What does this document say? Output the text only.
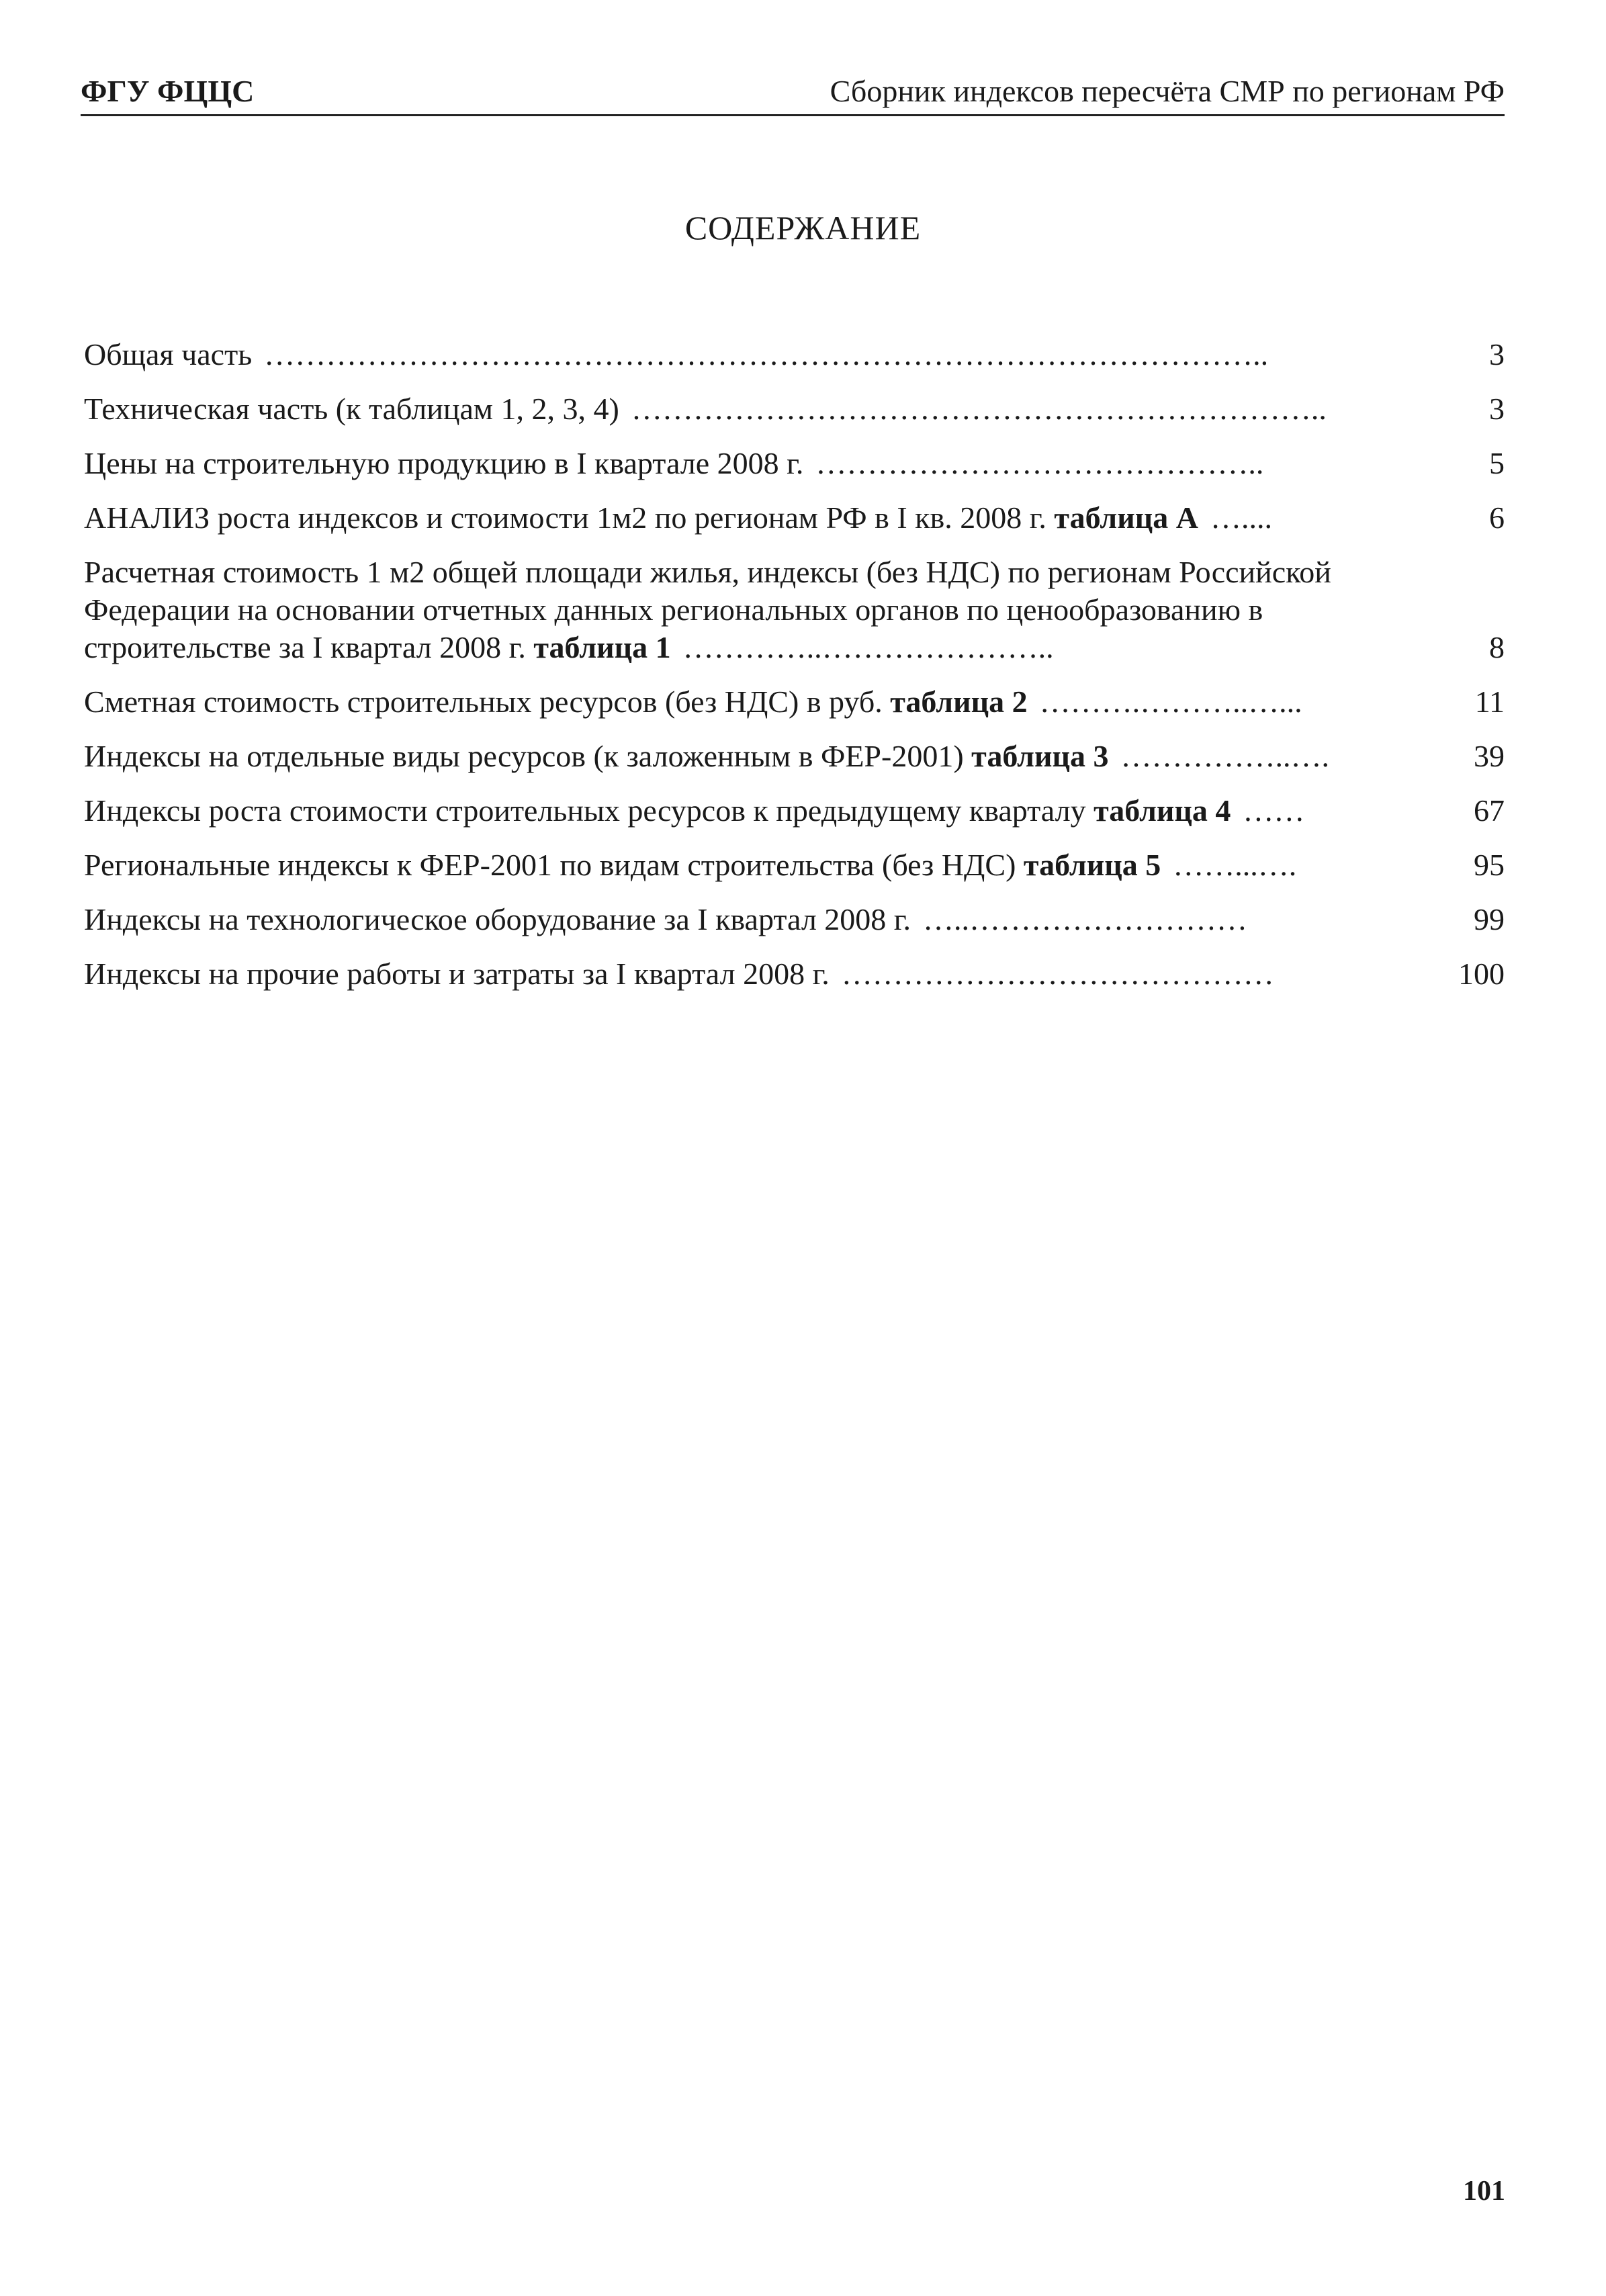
ФГУ ФЦЦС	Сборник индексов пересчёта СМР по регионам РФ
СОДЕРЖАНИЕ
Общая часть ……………………………………………………………………………………..	3
Техническая часть (к таблицам 1, 2, 3, 4) …………………………………………………………..	3
Цены на строительную продукцию в I квартале 2008 г. ……………………………………..	5
АНАЛИЗ роста индексов и стоимости 1м2 по регионам РФ в I кв. 2008 г. таблица А …....	6
Расчетная стоимость 1 м2 общей площади жилья, индексы (без НДС) по регионам Российской Федерации на основании отчетных данных региональных органов по ценообразованию в строительстве за I квартал 2008 г. таблица 1 …………..…………………..	8
Сметная стоимость строительных ресурсов (без НДС) в руб. таблица 2 ……….………..…...	11
Индексы на отдельные виды ресурсов (к заложенным в ФЕР-2001) таблица 3 ……………..….	39
Индексы роста стоимости строительных ресурсов к предыдущему кварталу таблица 4 ……	67
Региональные индексы к ФЕР-2001 по видам строительства (без НДС) таблица 5 ……...….	95
Индексы на технологическое оборудование за I квартал 2008 г. …..………………………	99
Индексы на прочие работы и затраты за I квартал 2008 г. ……………………………………	100
101
